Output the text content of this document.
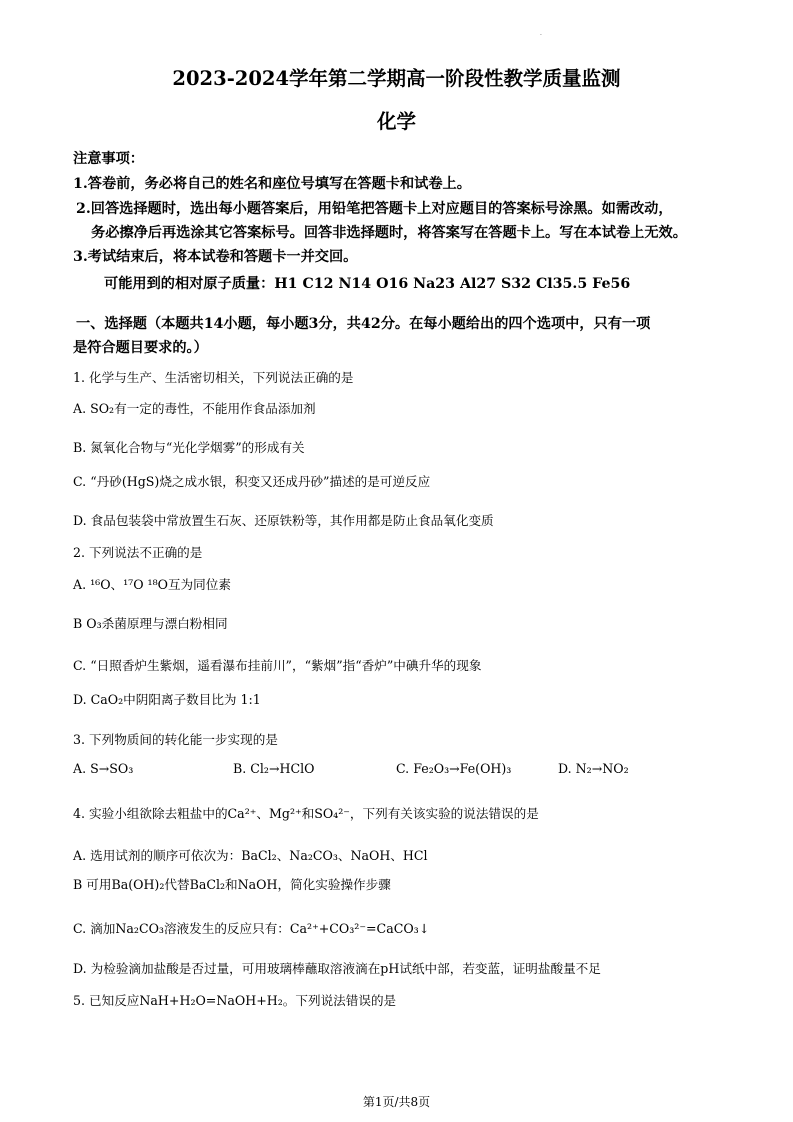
·
2023-2024学年第二学期高一阶段性教学质量监测
化学
注意事项：
1.答卷前，务必将自己的姓名和座位号填写在答题卡和试卷上。
2.回答选择题时，选出每小题答案后，用铅笔把答题卡上对应题目的答案标号涂黑。如需改动，
务必擦净后再选涂其它答案标号。回答非选择题时，将答案写在答题卡上。写在本试卷上无效。
3.考试结束后，将本试卷和答题卡一并交回。
可能用到的相对原子质量：H1 C12 N14 O16 Na23 Al27 S32 Cl35.5 Fe56
一、选择题（本题共14小题，每小题3分，共42分。在每小题给出的四个选项中，只有一项
是符合题目要求的。）
1. 化学与生产、生活密切相关，下列说法正确的是
A. SO₂有一定的毒性，不能用作食品添加剂
B. 氮氧化合物与“光化学烟雾”的形成有关
C. “丹砂(HgS)烧之成水银，积变又还成丹砂”描述的是可逆反应
D. 食品包装袋中常放置生石灰、还原铁粉等，其作用都是防止食品氧化变质
2. 下列说法不正确的是
A. ¹⁶O、¹⁷O ¹⁸O互为同位素
B O₃杀菌原理与漂白粉相同
C. “日照香炉生紫烟，遥看瀑布挂前川”，“紫烟”指“香炉”中碘升华的现象
D. CaO₂中阴阳离子数目比为 1:1
3. 下列物质间的转化能一步实现的是
A. S→SO₃	B. Cl₂→HClO	C. Fe₂O₃→Fe(OH)₃	D. N₂→NO₂
4. 实验小组欲除去粗盐中的Ca²⁺、Mg²⁺和SO₄²⁻，下列有关该实验的说法错误的是
A. 选用试剂的顺序可依次为：BaCl₂、Na₂CO₃、NaOH、HCl
B 可用Ba(OH)₂代替BaCl₂和NaOH，简化实验操作步骤
C. 滴加Na₂CO₃溶液发生的反应只有：Ca²⁺+CO₃²⁻=CaCO₃↓
D. 为检验滴加盐酸是否过量，可用玻璃棒蘸取溶液滴在pH试纸中部，若变蓝，证明盐酸量不足
5. 已知反应NaH+H₂O=NaOH+H₂。下列说法错误的是
第1页/共8页
